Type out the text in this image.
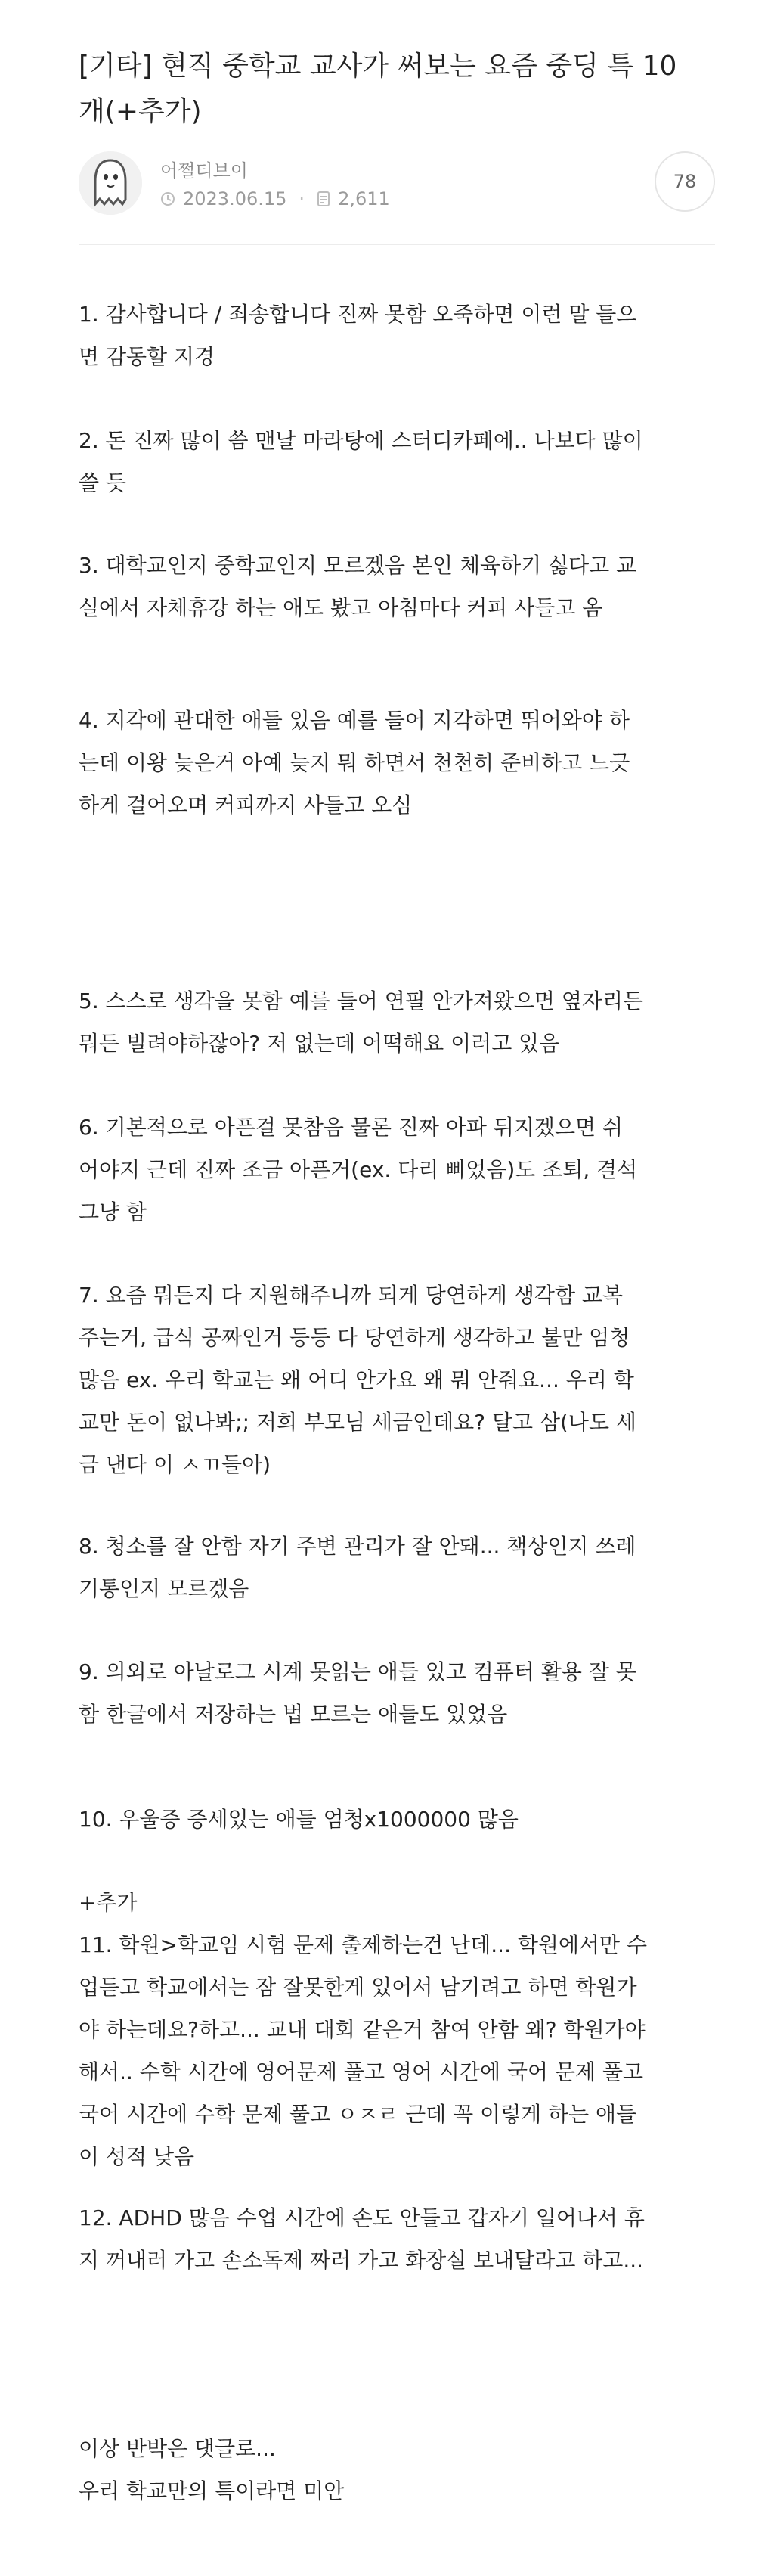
[기타] 현직 중학교 교사가 써보는 요즘 중딩 특 10개(+추가)
어쩔티브이
2023.06.15 · 2,611
78

1. 감사합니다 / 죄송합니다 진짜 못함 오죽하면 이런 말 들으
면 감동할 지경

2. 돈 진짜 많이 씀 맨날 마라탕에 스터디카페에.. 나보다 많이
쓸 듯

3. 대학교인지 중학교인지 모르겠음 본인 체육하기 싫다고 교
실에서 자체휴강 하는 애도 봤고 아침마다 커피 사들고 옴

4. 지각에 관대한 애들 있음 예를 들어 지각하면 뛰어와야 하
는데 이왕 늦은거 아예 늦지 뭐 하면서 천천히 준비하고 느긋
하게 걸어오며 커피까지 사들고 오심

5. 스스로 생각을 못함 예를 들어 연필 안가져왔으면 옆자리든
뭐든 빌려야하잖아? 저 없는데 어떡해요 이러고 있음

6. 기본적으로 아픈걸 못참음 물론 진짜 아파 뒤지겠으면 쉬
어야지 근데 진짜 조금 아픈거(ex. 다리 삐었음)도 조퇴, 결석
그냥 함

7. 요즘 뭐든지 다 지원해주니까 되게 당연하게 생각함 교복
주는거, 급식 공짜인거 등등 다 당연하게 생각하고 불만 엄청
많음 ex. 우리 학교는 왜 어디 안가요 왜 뭐 안줘요... 우리 학
교만 돈이 없나봐;; 저희 부모님 세금인데요? 달고 삼(나도 세
금 낸다 이 ㅅㄲ들아)

8. 청소를 잘 안함 자기 주변 관리가 잘 안돼... 책상인지 쓰레
기통인지 모르겠음

9. 의외로 아날로그 시계 못읽는 애들 있고 컴퓨터 활용 잘 못
함 한글에서 저장하는 법 모르는 애들도 있었음

10. 우울증 증세있는 애들 엄청x1000000 많음

+추가
11. 학원>학교임 시험 문제 출제하는건 난데... 학원에서만 수
업듣고 학교에서는 잠 잘못한게 있어서 남기려고 하면 학원가
야 하는데요?하고... 교내 대회 같은거 참여 안함 왜? 학원가야
해서.. 수학 시간에 영어문제 풀고 영어 시간에 국어 문제 풀고
국어 시간에 수학 문제 풀고 ㅇㅈㄹ 근데 꼭 이렇게 하는 애들
이 성적 낮음

12. ADHD 많음 수업 시간에 손도 안들고 갑자기 일어나서 휴
지 꺼내러 가고 손소독제 짜러 가고 화장실 보내달라고 하고...

이상 반박은 댓글로...
우리 학교만의 특이라면 미안
